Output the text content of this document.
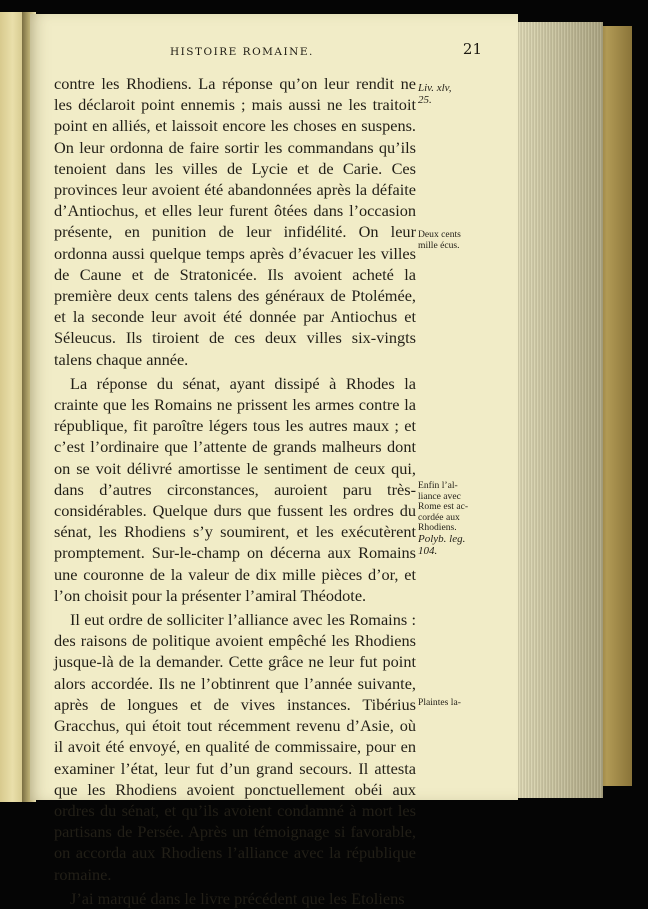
HISTOIRE ROMAINE.	21

contre les Rhodiens. La réponse qu’on leur rendit ne les déclaroit point ennemis ; mais aussi ne les traitoit point en alliés, et laissoit encore les choses en suspens. On leur ordonna de faire sortir les commandans qu’ils tenoient dans les villes de Lycie et de Carie. Ces provinces leur avoient été abandonnées après la défaite d’Antiochus, et elles leur furent ôtées dans l’occasion présente, en punition de leur infidélité. On leur ordonna aussi quelque temps après d’évacuer les villes de Caune et de Stratonicée. Ils avoient acheté la première deux cents talens des généraux de Ptolémée, et la seconde leur avoit été donnée par Antiochus et Séleucus. Ils tiroient de ces deux villes six-vingts talens chaque année.

La réponse du sénat, ayant dissipé à Rhodes la crainte que les Romains ne prissent les armes contre la république, fit paroître légers tous les autres maux ; et c’est l’ordinaire que l’attente de grands malheurs dont on se voit délivré amortisse le sentiment de ceux qui, dans d’autres circonstances, auroient paru très-considérables. Quelque durs que fussent les ordres du sénat, les Rhodiens s’y soumirent, et les exécutèrent promptement. Sur-le-champ on décerna aux Romains une couronne de la valeur de dix mille pièces d’or, et l’on choisit pour la présenter l’amiral Théodote.

Il eut ordre de solliciter l’alliance avec les Romains : des raisons de politique avoient empêché les Rhodiens jusque-là de la demander. Cette grâce ne leur fut point alors accordée. Ils ne l’obtinrent que l’année suivante, après de longues et de vives instances. Tibérius Gracchus, qui étoit tout récemment revenu d’Asie, où il avoit été envoyé, en qualité de commissaire, pour en examiner l’état, leur fut d’un grand secours. Il attesta que les Rhodiens avoient ponctuellement obéi aux ordres du sénat, et qu’ils avoient condamné à mort les partisans de Persée. Après un témoignage si favorable, on accorda aux Rhodiens l’alliance avec la république romaine.

J’ai marqué dans le livre précédent que les Etoliens

Liv. xlv,
25.
Deux cents
mille écus.
Enfin l’al-
liance avec
Rome est ac-
cordée aux
Rhodiens.
Polyb. leg.
104.
Plaintes la-
